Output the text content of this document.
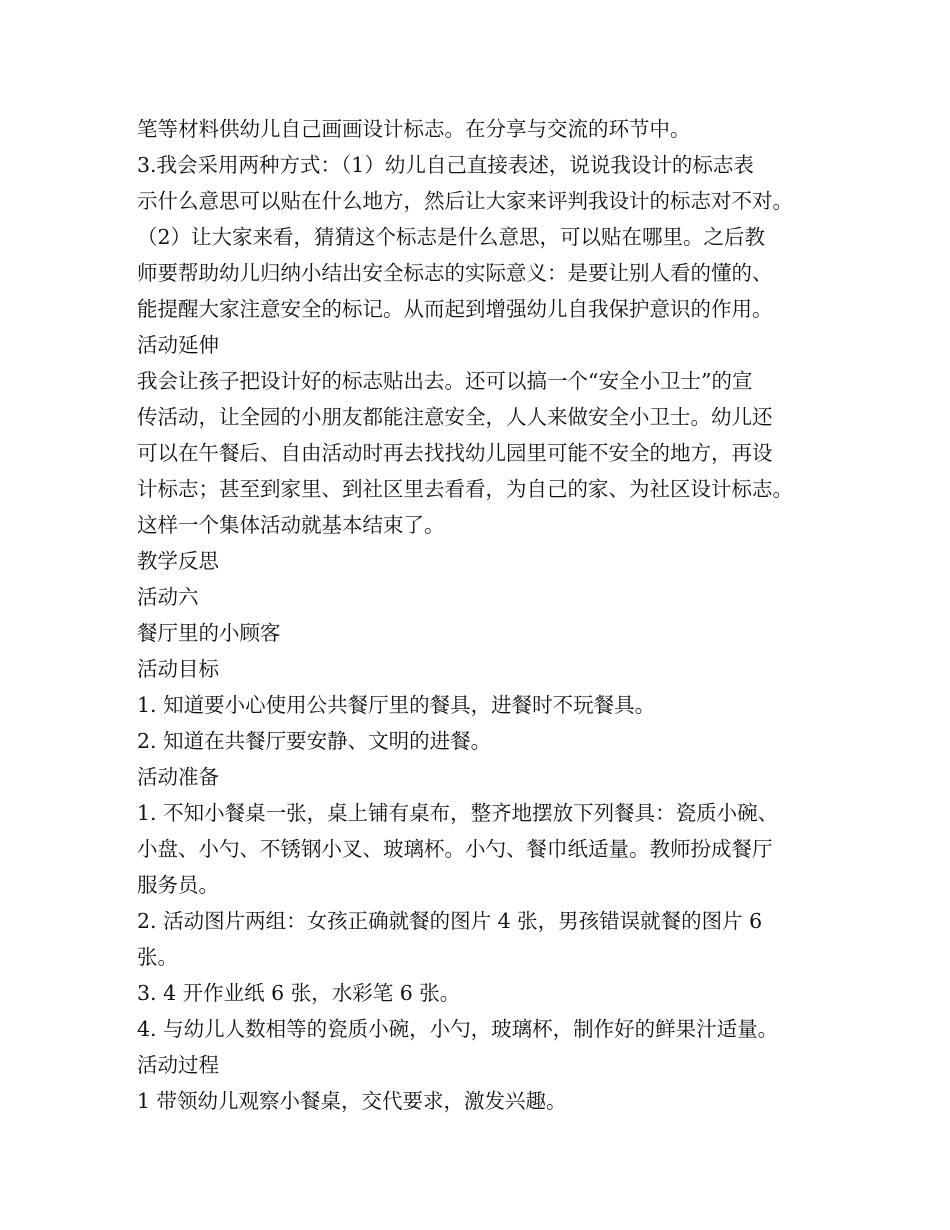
笔等材料供幼儿自己画画设计标志。在分享与交流的环节中。
3.我会采用两种方式：（1）幼儿自己直接表述，说说我设计的标志表
示什么意思可以贴在什么地方，然后让大家来评判我设计的标志对不对。
（2）让大家来看，猜猜这个标志是什么意思，可以贴在哪里。之后教
师要帮助幼儿归纳小结出安全标志的实际意义：是要让别人看的懂的、
能提醒大家注意安全的标记。从而起到增强幼儿自我保护意识的作用。
活动延伸
我会让孩子把设计好的标志贴出去。还可以搞一个“安全小卫士”的宣
传活动，让全园的小朋友都能注意安全，人人来做安全小卫士。幼儿还
可以在午餐后、自由活动时再去找找幼儿园里可能不安全的地方，再设
计标志；甚至到家里、到社区里去看看，为自己的家、为社区设计标志。
这样一个集体活动就基本结束了。
教学反思
活动六
餐厅里的小顾客
活动目标
1. 知道要小心使用公共餐厅里的餐具，进餐时不玩餐具。
2. 知道在共餐厅要安静、文明的进餐。
活动准备
1. 不知小餐桌一张，桌上铺有桌布，整齐地摆放下列餐具：瓷质小碗、
小盘、小勺、不锈钢小叉、玻璃杯。小勺、餐巾纸适量。教师扮成餐厅
服务员。
2. 活动图片两组：女孩正确就餐的图片 4 张，男孩错误就餐的图片 6
张。
3. 4 开作业纸 6 张，水彩笔 6 张。
4. 与幼儿人数相等的瓷质小碗，小勺，玻璃杯，制作好的鲜果汁适量。
活动过程
1 带领幼儿观察小餐桌，交代要求，激发兴趣。
